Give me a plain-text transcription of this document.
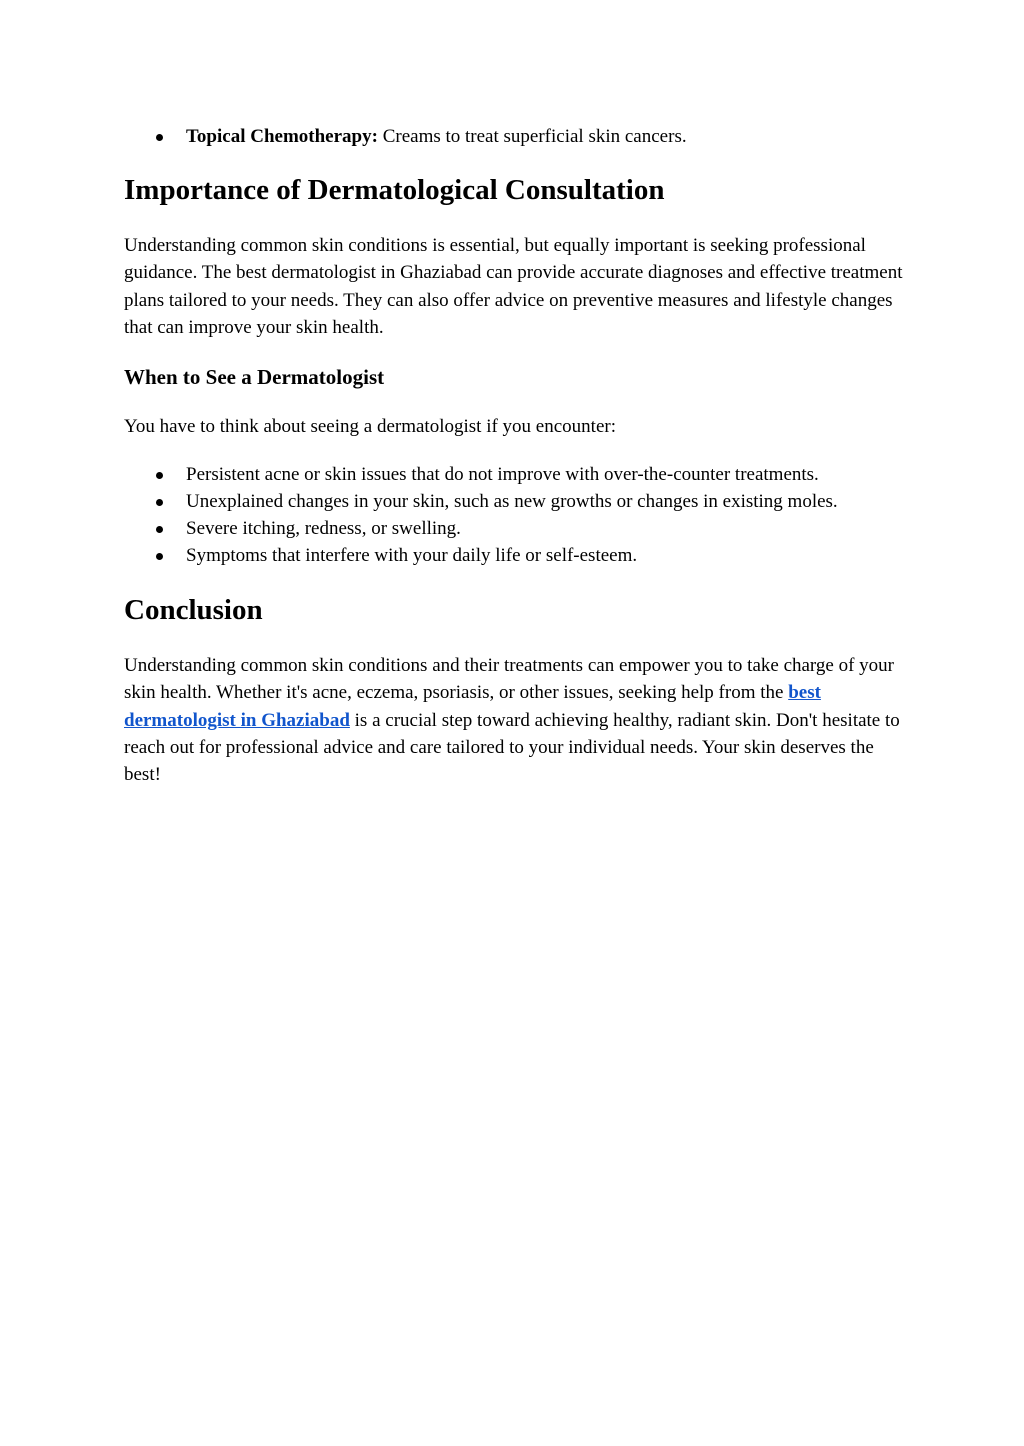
Topical Chemotherapy: Creams to treat superficial skin cancers.
Importance of Dermatological Consultation

Understanding common skin conditions is essential, but equally important is seeking professional guidance. The best dermatologist in Ghaziabad can provide accurate diagnoses and effective treatment plans tailored to your needs. They can also offer advice on preventive measures and lifestyle changes that can improve your skin health.

When to See a Dermatologist

You have to think about seeing a dermatologist if you encounter:

Persistent acne or skin issues that do not improve with over-the-counter treatments.
Unexplained changes in your skin, such as new growths or changes in existing moles.
Severe itching, redness, or swelling.
Symptoms that interfere with your daily life or self-esteem.
Conclusion

Understanding common skin conditions and their treatments can empower you to take charge of your skin health. Whether it's acne, eczema, psoriasis, or other issues, seeking help from the best dermatologist in Ghaziabad is a crucial step toward achieving healthy, radiant skin. Don't hesitate to reach out for professional advice and care tailored to your individual needs. Your skin deserves the best!
